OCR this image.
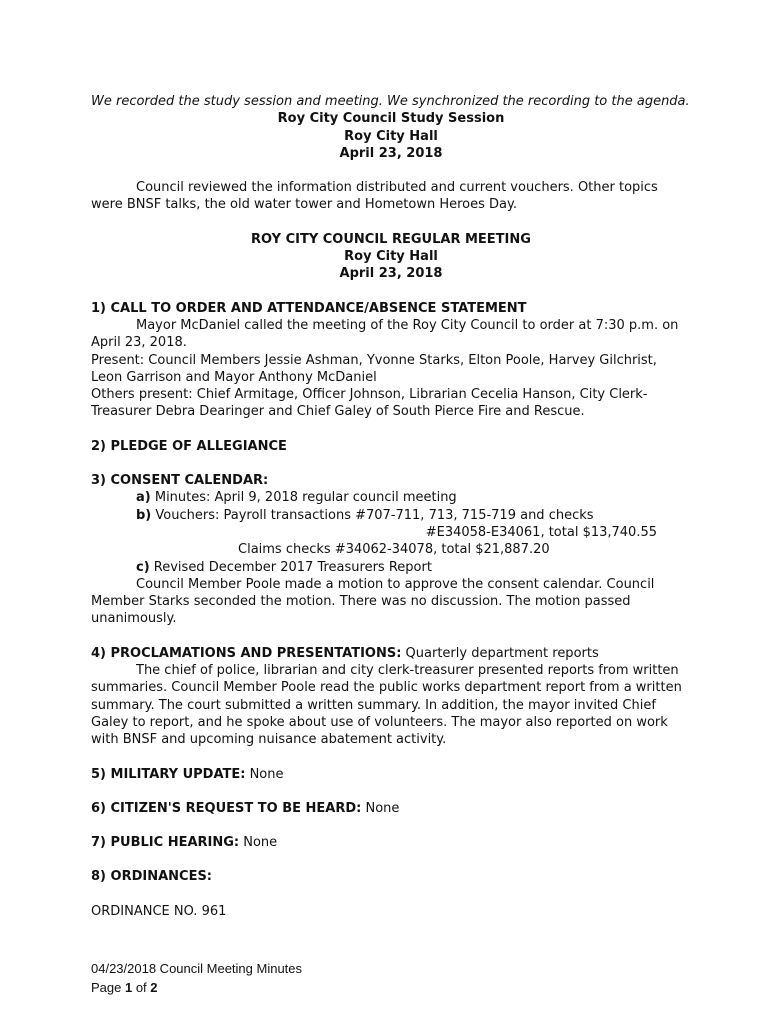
We recorded the study session and meeting. We synchronized the recording to the agenda.

Roy City Council Study Session

Roy City Hall

April 23, 2018

Council reviewed the information distributed and current vouchers. Other topics were BNSF talks, the old water tower and Hometown Heroes Day.

ROY CITY COUNCIL REGULAR MEETING

Roy City Hall

April 23, 2018

1) CALL TO ORDER AND ATTENDANCE/ABSENCE STATEMENT

Mayor McDaniel called the meeting of the Roy City Council to order at 7:30 p.m. on April 23, 2018.

Present: Council Members Jessie Ashman, Yvonne Starks, Elton Poole, Harvey Gilchrist, Leon Garrison and Mayor Anthony McDaniel

Others present: Chief Armitage, Officer Johnson, Librarian Cecelia Hanson, City Clerk-Treasurer Debra Dearinger and Chief Galey of South Pierce Fire and Rescue.

2) PLEDGE OF ALLEGIANCE

3) CONSENT CALENDAR:

a) Minutes: April 9, 2018 regular council meeting

b) Vouchers: Payroll transactions #707-711, 713, 715-719 and checks

#E34058-E34061, total $13,740.55

Claims checks #34062-34078, total $21,887.20

c) Revised December 2017 Treasurers Report

Council Member Poole made a motion to approve the consent calendar. Council Member Starks seconded the motion. There was no discussion. The motion passed unanimously.

4) PROCLAMATIONS AND PRESENTATIONS: Quarterly department reports

The chief of police, librarian and city clerk-treasurer presented reports from written summaries. Council Member Poole read the public works department report from a written summary. The court submitted a written summary. In addition, the mayor invited Chief Galey to report, and he spoke about use of volunteers. The mayor also reported on work with BNSF and upcoming nuisance abatement activity.

5) MILITARY UPDATE: None

6) CITIZEN'S REQUEST TO BE HEARD: None

7) PUBLIC HEARING: None

8) ORDINANCES:

ORDINANCE NO. 961

04/23/2018 Council Meeting Minutes
Page 1 of 2
